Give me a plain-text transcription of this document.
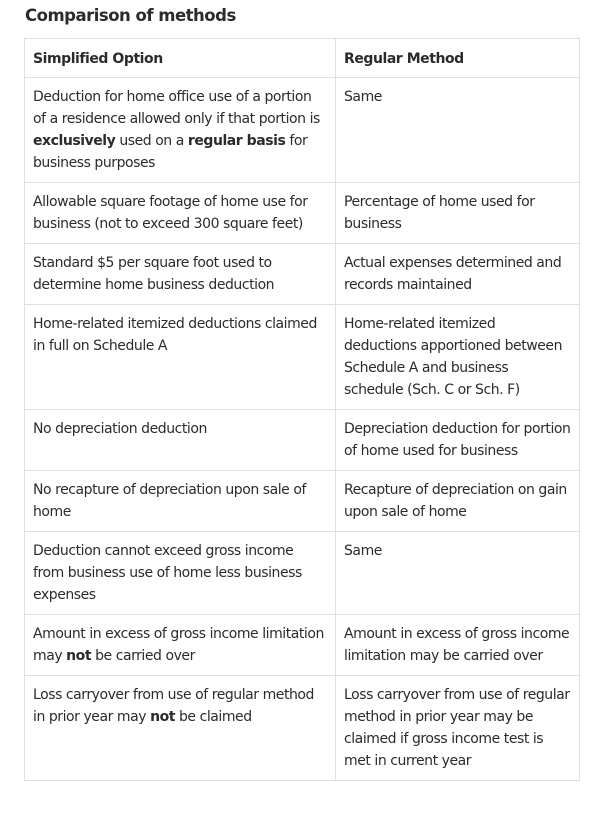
Comparison of methods
Simplified Option	Regular Method
Deduction for home office use of a portion of a residence allowed only if that portion is exclusively used on a regular basis for business purposes	Same
Allowable square footage of home use for business (not to exceed 300 square feet)	Percentage of home used for business
Standard $5 per square foot used to determine home business deduction	Actual expenses determined and records maintained
Home-related itemized deductions claimed in full on Schedule A	Home-related itemized deductions apportioned between Schedule A and business schedule (Sch. C or Sch. F)
No depreciation deduction	Depreciation deduction for portion of home used for business
No recapture of depreciation upon sale of home	Recapture of depreciation on gain upon sale of home
Deduction cannot exceed gross income from business use of home less business expenses	Same
Amount in excess of gross income limitation may not be carried over	Amount in excess of gross income limitation may be carried over
Loss carryover from use of regular method in prior year may not be claimed	Loss carryover from use of regular method in prior year may be claimed if gross income test is met in current year
